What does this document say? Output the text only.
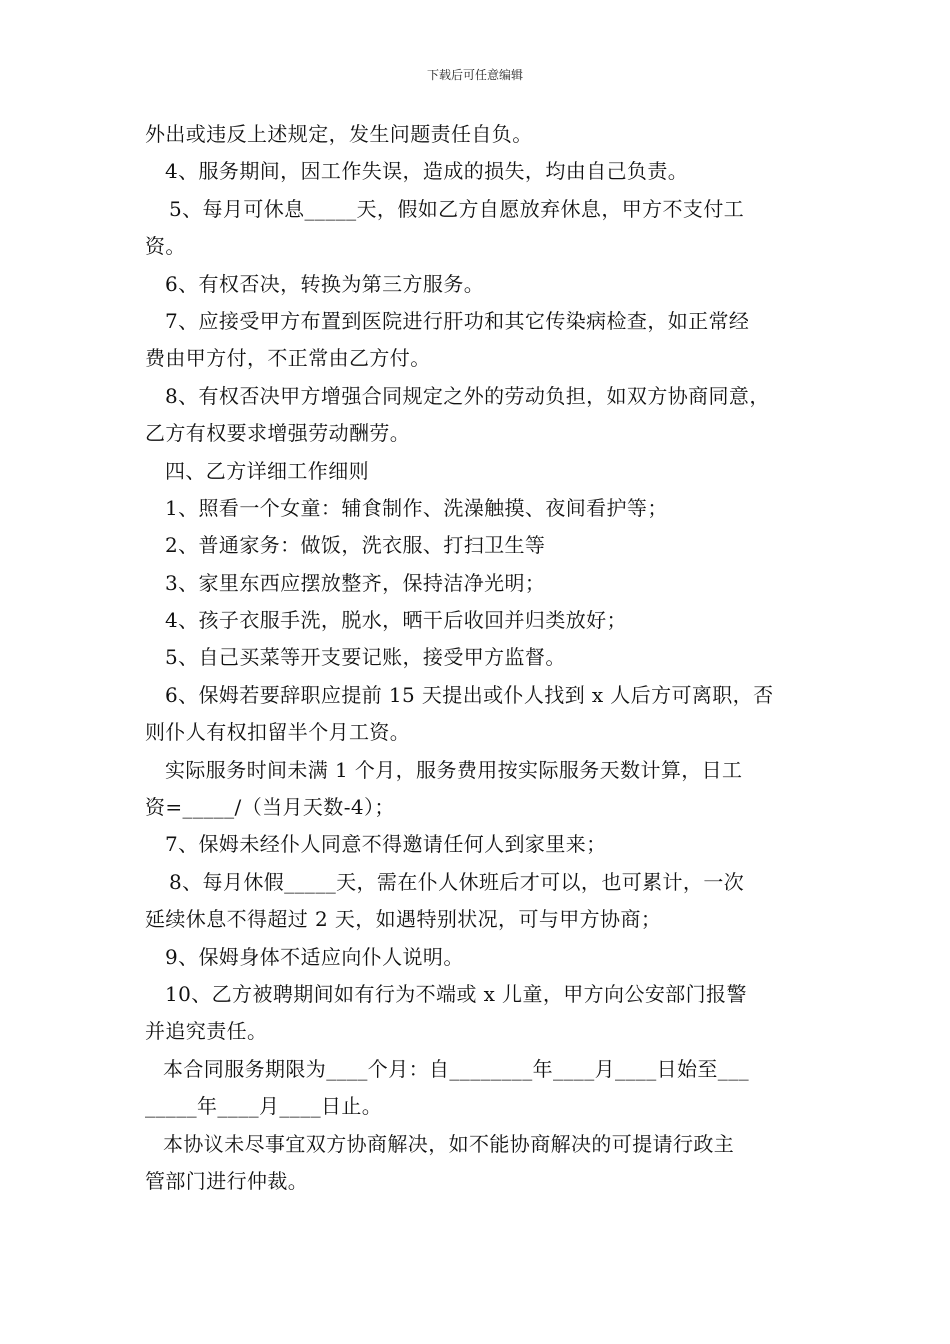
下载后可任意编辑
外出或违反上述规定，发生问题责任自负。
4、服务期间，因工作失误，造成的损失，均由自己负责。
5、每月可休息_____天，假如乙方自愿放弃休息，甲方不支付工
资。
6、有权否决，转换为第三方服务。
7、应接受甲方布置到医院进行肝功和其它传染病检查，如正常经
费由甲方付，不正常由乙方付。
8、有权否决甲方增强合同规定之外的劳动负担，如双方协商同意，
乙方有权要求增强劳动酬劳。
四、乙方详细工作细则
1、照看一个女童：辅食制作、洗澡触摸、夜间看护等；
2、普通家务：做饭，洗衣服、打扫卫生等
3、家里东西应摆放整齐，保持洁净光明；
4、孩子衣服手洗，脱水，晒干后收回并归类放好；
5、自己买菜等开支要记账，接受甲方监督。
6、保姆若要辞职应提前 15 天提出或仆人找到 x 人后方可离职，否
则仆人有权扣留半个月工资。
实际服务时间未满 1 个月，服务费用按实际服务天数计算，日工
资=_____/（当月天数-4）；
7、保姆未经仆人同意不得邀请任何人到家里来；
8、每月休假_____天，需在仆人休班后才可以，也可累计，一次
延续休息不得超过 2 天，如遇特别状况，可与甲方协商；
9、保姆身体不适应向仆人说明。
10、乙方被聘期间如有行为不端或 x 儿童，甲方向公安部门报警
并追究责任。
本合同服务期限为____个月：自________年____月____日始至___
_____年____月____日止。
本协议未尽事宜双方协商解决，如不能协商解决的可提请行政主
管部门进行仲裁。
